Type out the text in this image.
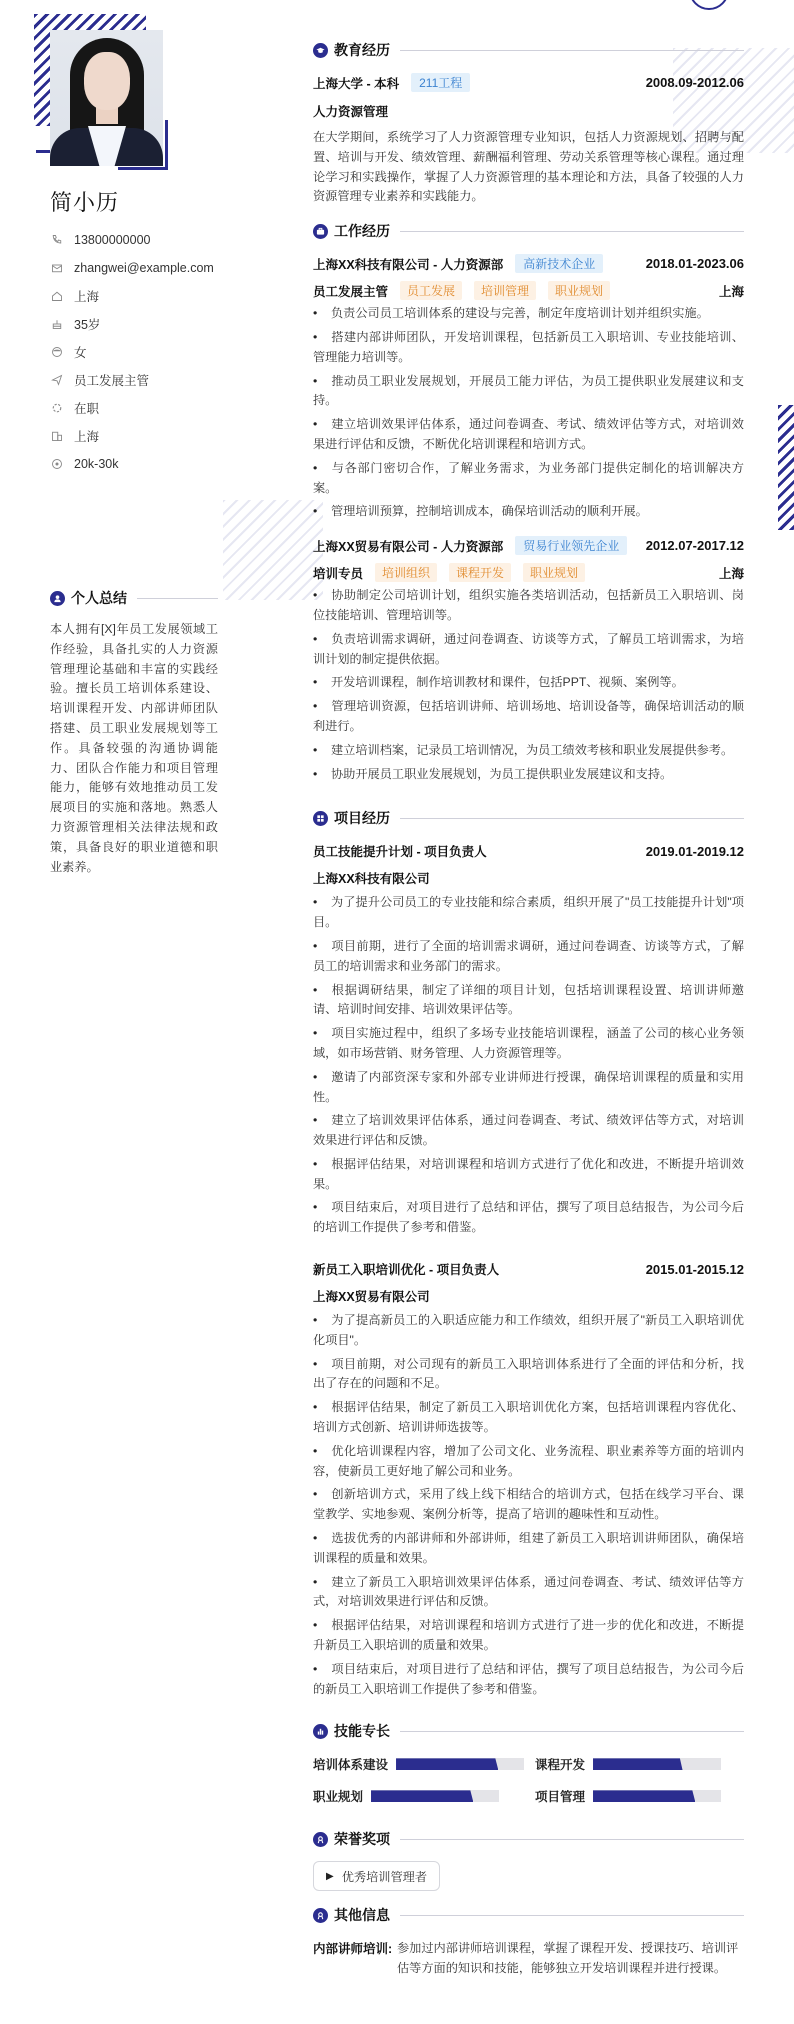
简小历
13800000000
zhangwei@example.com
上海
35岁
女
员工发展主管
在职
上海
20k-30k
个人总结

本人拥有[X]年员工发展领域工作经验，具备扎实的人力资源管理理论基础和丰富的实践经验。擅长员工培训体系建设、培训课程开发、内部讲师团队搭建、员工职业发展规划等工作。具备较强的沟通协调能力、团队合作能力和项目管理能力，能够有效地推动员工发展项目的实施和落地。熟悉人力资源管理相关法律法规和政策，具备良好的职业道德和职业素养。

教育经历
上海大学 - 本科	211工程	2008.09-2012.06
人力资源管理

在大学期间，系统学习了人力资源管理专业知识，包括人力资源规划、招聘与配置、培训与开发、绩效管理、薪酬福利管理、劳动关系管理等核心课程。通过理论学习和实践操作，掌握了人力资源管理的基本理论和方法，具备了较强的人力资源管理专业素养和实践能力。

工作经历
上海XX科技有限公司 - 人力资源部	高新技术企业	2018.01-2023.06
员工发展主管	员工发展	培训管理	职业规划	上海
• 负责公司员工培训体系的建设与完善，制定年度培训计划并组织实施。
• 搭建内部讲师团队，开发培训课程，包括新员工入职培训、专业技能培训、管理能力培训等。
• 推动员工职业发展规划，开展员工能力评估，为员工提供职业发展建议和支持。
• 建立培训效果评估体系，通过问卷调查、考试、绩效评估等方式，对培训效果进行评估和反馈，不断优化培训课程和培训方式。
• 与各部门密切合作，了解业务需求，为业务部门提供定制化的培训解决方案。
• 管理培训预算，控制培训成本，确保培训活动的顺利开展。
上海XX贸易有限公司 - 人力资源部	贸易行业领先企业	2012.07-2017.12
培训专员	培训组织	课程开发	职业规划	上海
• 协助制定公司培训计划，组织实施各类培训活动，包括新员工入职培训、岗位技能培训、管理培训等。
• 负责培训需求调研，通过问卷调查、访谈等方式，了解员工培训需求，为培训计划的制定提供依据。
• 开发培训课程，制作培训教材和课件，包括PPT、视频、案例等。
• 管理培训资源，包括培训讲师、培训场地、培训设备等，确保培训活动的顺利进行。
• 建立培训档案，记录员工培训情况，为员工绩效考核和职业发展提供参考。
• 协助开展员工职业发展规划，为员工提供职业发展建议和支持。
项目经历
员工技能提升计划 - 项目负责人	2019.01-2019.12
上海XX科技有限公司
• 为了提升公司员工的专业技能和综合素质，组织开展了"员工技能提升计划"项目。
• 项目前期，进行了全面的培训需求调研，通过问卷调查、访谈等方式，了解员工的培训需求和业务部门的需求。
• 根据调研结果，制定了详细的项目计划，包括培训课程设置、培训讲师邀请、培训时间安排、培训效果评估等。
• 项目实施过程中，组织了多场专业技能培训课程，涵盖了公司的核心业务领域，如市场营销、财务管理、人力资源管理等。
• 邀请了内部资深专家和外部专业讲师进行授课，确保培训课程的质量和实用性。
• 建立了培训效果评估体系，通过问卷调查、考试、绩效评估等方式，对培训效果进行评估和反馈。
• 根据评估结果，对培训课程和培训方式进行了优化和改进，不断提升培训效果。
• 项目结束后，对项目进行了总结和评估，撰写了项目总结报告，为公司今后的培训工作提供了参考和借鉴。
新员工入职培训优化 - 项目负责人	2015.01-2015.12
上海XX贸易有限公司
• 为了提高新员工的入职适应能力和工作绩效，组织开展了"新员工入职培训优化项目"。
• 项目前期，对公司现有的新员工入职培训体系进行了全面的评估和分析，找出了存在的问题和不足。
• 根据评估结果，制定了新员工入职培训优化方案，包括培训课程内容优化、培训方式创新、培训讲师选拔等。
• 优化培训课程内容，增加了公司文化、业务流程、职业素养等方面的培训内容，使新员工更好地了解公司和业务。
• 创新培训方式，采用了线上线下相结合的培训方式，包括在线学习平台、课堂教学、实地参观、案例分析等，提高了培训的趣味性和互动性。
• 选拔优秀的内部讲师和外部讲师，组建了新员工入职培训讲师团队，确保培训课程的质量和效果。
• 建立了新员工入职培训效果评估体系，通过问卷调查、考试、绩效评估等方式，对培训效果进行评估和反馈。
• 根据评估结果，对培训课程和培训方式进行了进一步的优化和改进，不断提升新员工入职培训的质量和效果。
• 项目结束后，对项目进行了总结和评估，撰写了项目总结报告，为公司今后的新员工入职培训工作提供了参考和借鉴。
技能专长
培训体系建设	课程开发
职业规划	项目管理
荣誉奖项
▶ 优秀培训管理者
其他信息
内部讲师培训: 参加过内部讲师培训课程，掌握了课程开发、授课技巧、培训评估等方面的知识和技能，能够独立开发培训课程并进行授课。
